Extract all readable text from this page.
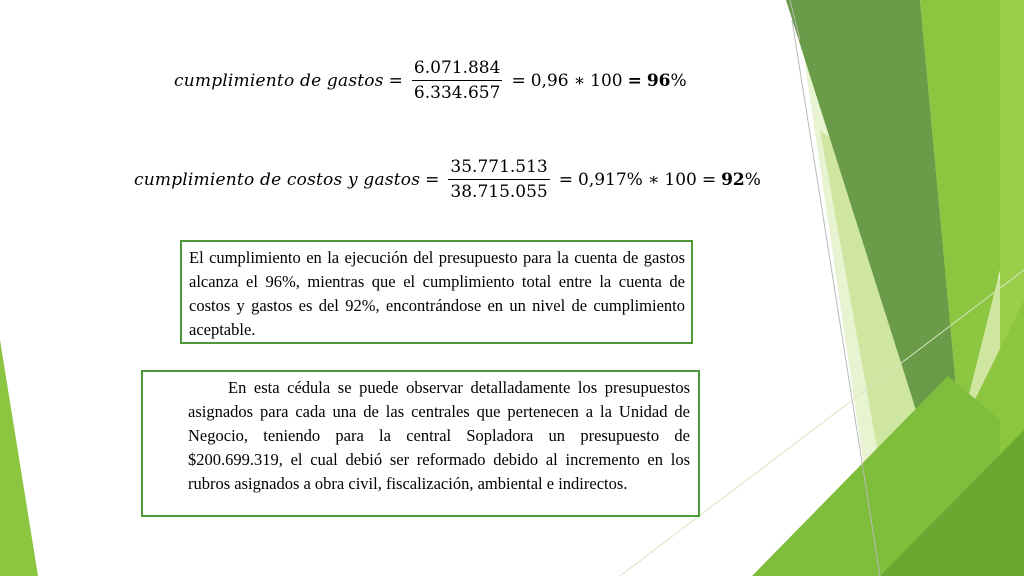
cumplimiento de gastos = $\frac{6.071.884}{6.334.657} = 0,96$ ∗ 100 = 96 %
cumplimiento de costos y gastos = $\frac{35.771.513}{38.715.055} = 0,917\%$ ∗ 100 = 92 %

El cumplimiento en la ejecución del presupuesto para la cuenta de gastos alcanza el 96%, mientras que el cumplimiento total entre la cuenta de costos y gastos es del 92%, encontrándose en un nivel de cumplimiento aceptable.

En esta cédula se puede observar detalladamente los presupuestos asignados para cada una de las centrales que pertenecen a la Unidad de Negocio, teniendo para la central Sopladora un presupuesto de $200.699.319, el cual debió ser reformado debido al incremento en los rubros asignados a obra civil, fiscalización, ambiental e indirectos.
